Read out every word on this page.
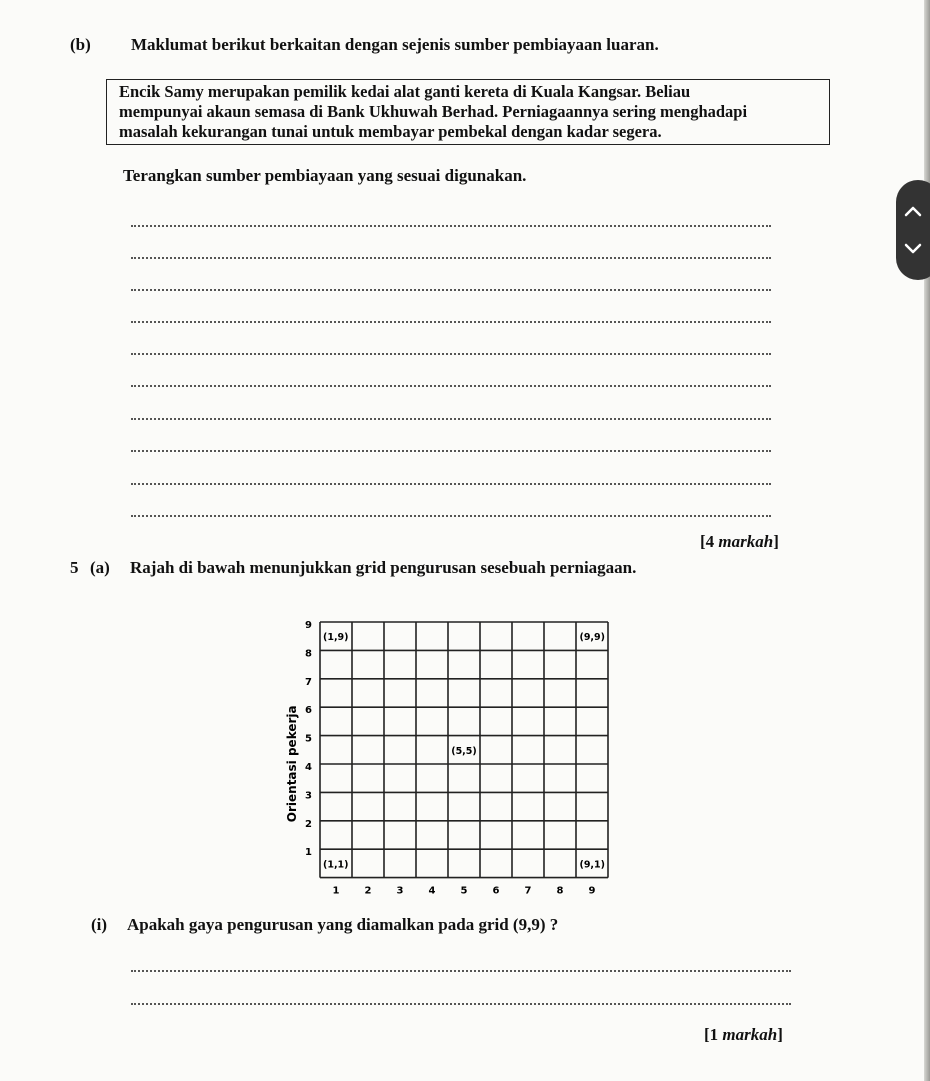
(b) Maklumat berikut berkaitan dengan sejenis sumber pembiayaan luaran.
Encik Samy merupakan pemilik kedai alat ganti kereta di Kuala Kangsar. Beliau
mempunyai akaun semasa di Bank Ukhuwah Berhad. Perniagaannya sering menghadapi
masalah kekurangan tunai untuk membayar pembekal dengan kadar segera.
Terangkan sumber pembiayaan yang sesuai digunakan.
[4 markah]
5 (a) Rajah di bawah menunjukkan grid pengurusan sesebuah perniagaan.
1	2	3	4	5	6	7	8	9
1
2
3
4
5
6
7
8
9
(1,9)	(9,9)
(5,5)
(1,1)	(9,1)
Orientasi pekerja
(i) Apakah gaya pengurusan yang diamalkan pada grid (9,9) ?
[1 markah]
